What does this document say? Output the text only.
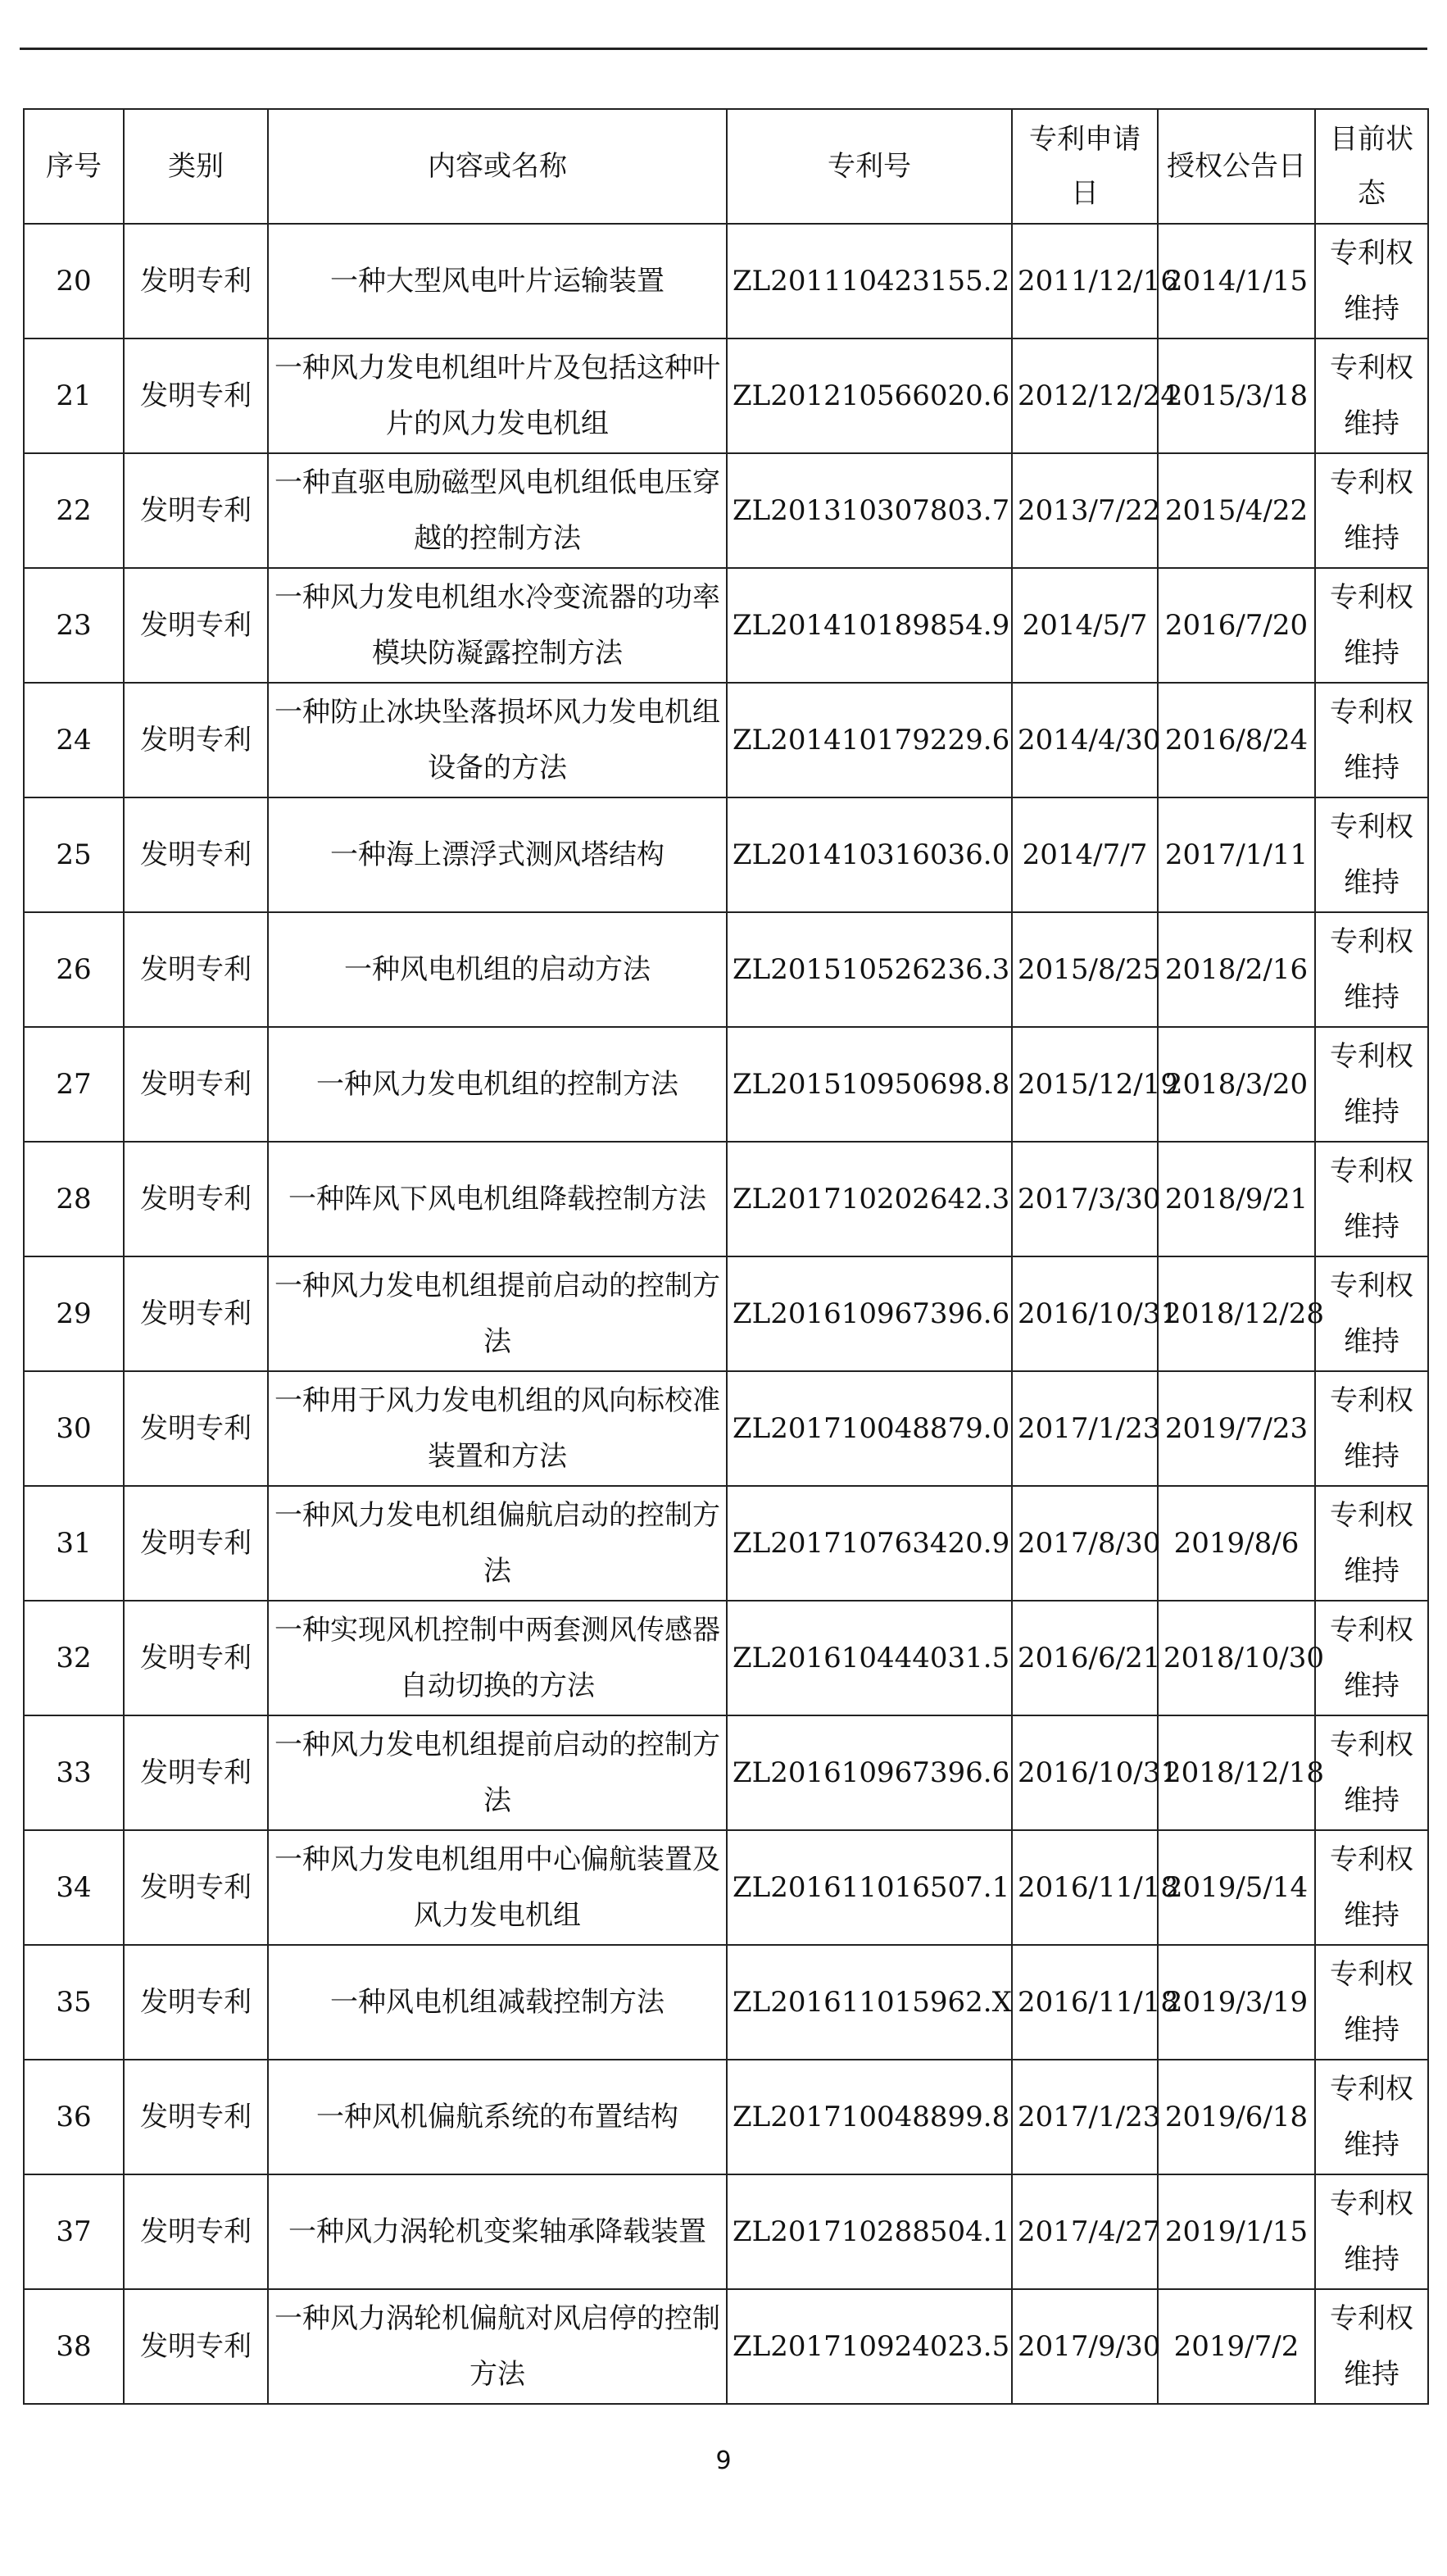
序号	类别	内容或名称	专利号	专利申请日	授权公告日	目前状态
20	发明专利	一种大型风电叶片运输装置	ZL201110423155.2	2011/12/16	2014/1/15	专利权维持
21	发明专利	一种风力发电机组叶片及包括这种叶片的风力发电机组	ZL201210566020.6	2012/12/24	2015/3/18	专利权维持
22	发明专利	一种直驱电励磁型风电机组低电压穿越的控制方法	ZL201310307803.7	2013/7/22	2015/4/22	专利权维持
23	发明专利	一种风力发电机组水冷变流器的功率模块防凝露控制方法	ZL201410189854.9	2014/5/7	2016/7/20	专利权维持
24	发明专利	一种防止冰块坠落损坏风力发电机组设备的方法	ZL201410179229.6	2014/4/30	2016/8/24	专利权维持
25	发明专利	一种海上漂浮式测风塔结构	ZL201410316036.0	2014/7/7	2017/1/11	专利权维持
26	发明专利	一种风电机组的启动方法	ZL201510526236.3	2015/8/25	2018/2/16	专利权维持
27	发明专利	一种风力发电机组的控制方法	ZL201510950698.8	2015/12/19	2018/3/20	专利权维持
28	发明专利	一种阵风下风电机组降载控制方法	ZL201710202642.3	2017/3/30	2018/9/21	专利权维持
29	发明专利	一种风力发电机组提前启动的控制方法	ZL201610967396.6	2016/10/31	2018/12/28	专利权维持
30	发明专利	一种用于风力发电机组的风向标校准装置和方法	ZL201710048879.0	2017/1/23	2019/7/23	专利权维持
31	发明专利	一种风力发电机组偏航启动的控制方法	ZL201710763420.9	2017/8/30	2019/8/6	专利权维持
32	发明专利	一种实现风机控制中两套测风传感器自动切换的方法	ZL201610444031.5	2016/6/21	2018/10/30	专利权维持
33	发明专利	一种风力发电机组提前启动的控制方法	ZL201610967396.6	2016/10/31	2018/12/18	专利权维持
34	发明专利	一种风力发电机组用中心偏航装置及风力发电机组	ZL201611016507.1	2016/11/18	2019/5/14	专利权维持
35	发明专利	一种风电机组减载控制方法	ZL201611015962.X	2016/11/18	2019/3/19	专利权维持
36	发明专利	一种风机偏航系统的布置结构	ZL201710048899.8	2017/1/23	2019/6/18	专利权维持
37	发明专利	一种风力涡轮机变桨轴承降载装置	ZL201710288504.1	2017/4/27	2019/1/15	专利权维持
38	发明专利	一种风力涡轮机偏航对风启停的控制方法	ZL201710924023.5	2017/9/30	2019/7/2	专利权维持
9
